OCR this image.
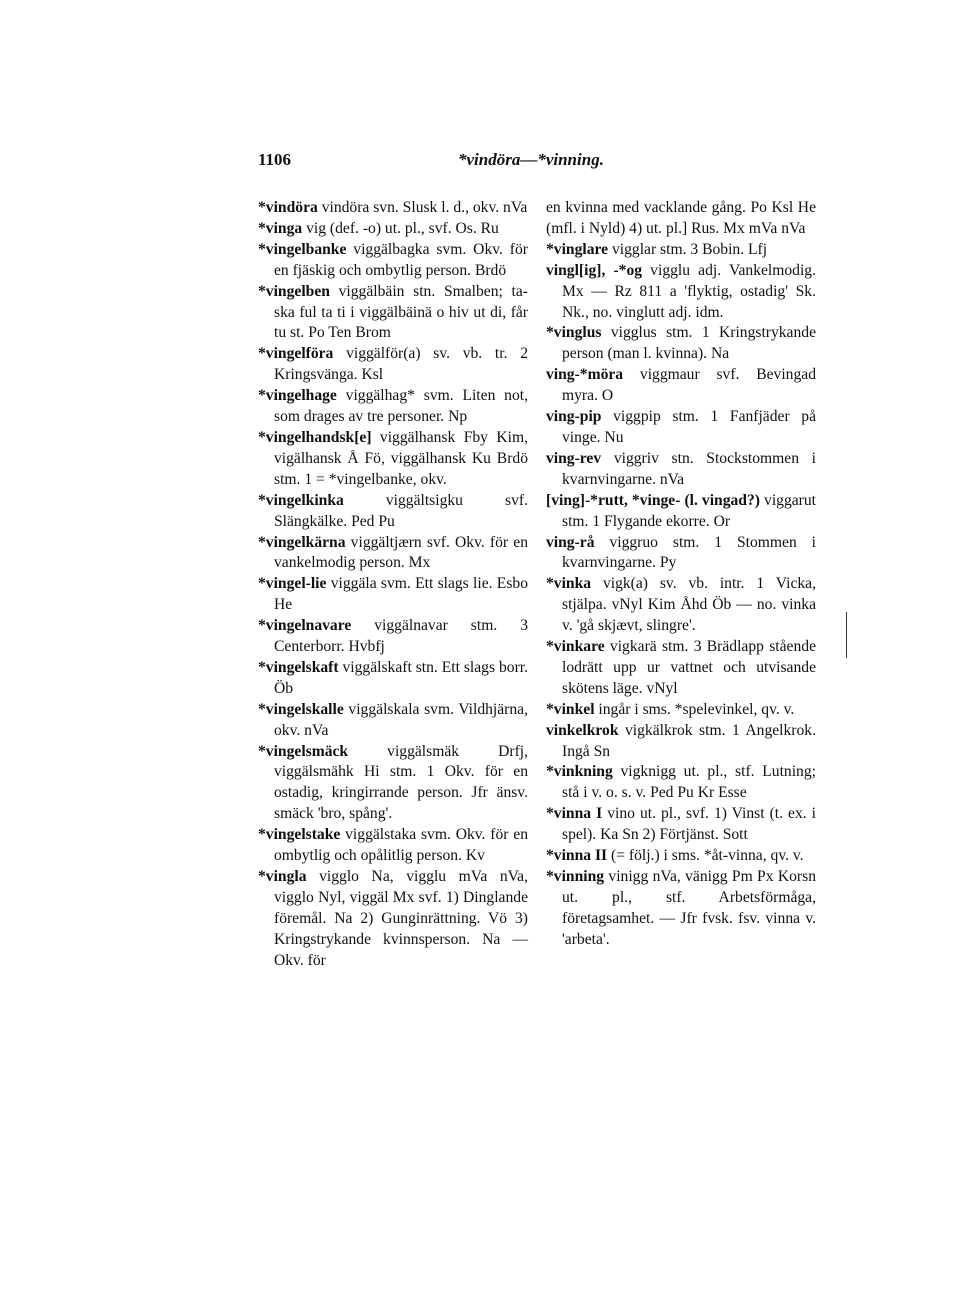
1106	*vindöra—*vinning.

*vindöra vindöra svn. Slusk l. d., okv. nVa

*vinga vig (def. -o) ut. pl., svf. Os. Ru

*vingelbanke viggälbagka svm. Okv. för en fjäskig och ombytlig person. Brdö

*vingelben viggälbäin stn. Smalben; ta-ska ful ta ti i viggälbäinä o hiv ut di, får tu st. Po Ten Brom

*vingelföra viggälför(a) sv. vb. tr. 2 Kringsvänga. Ksl

*vingelhage viggälhag* svm. Liten not, som drages av tre personer. Np

*vingelhandsk[e] viggälhansk Fby Kim, vigälhansk Å Fö, viggälhansk Ku Brdö stm. 1 = *vingelbanke, okv.

*vingelkinka viggältsigku svf. Slängkälke. Ped Pu

*vingelkärna viggältjærn svf. Okv. för en vankelmodig person. Mx

*vingel-lie viggäla svm. Ett slags lie. Esbo He

*vingelnavare viggälnavar stm. 3 Centerborr. Hvbfj

*vingelskaft viggälskaft stn. Ett slags borr. Öb

*vingelskalle viggälskala svm. Vildhjärna, okv. nVa

*vingelsmäck viggälsmäk Drfj, viggälsmähk Hi stm. 1 Okv. för en ostadig, kringirrande person. Jfr änsv. smäck 'bro, spång'.

*vingelstake viggälstaka svm. Okv. för en ombytlig och opålitlig person. Kv

*vingla vigglo Na, vigglu mVa nVa, vigglo Nyl, viggäl Mx svf. 1) Dinglande föremål. Na 2) Gunginrättning. Vö 3) Kringstrykande kvinnsperson. Na — Okv. för

en kvinna med vacklande gång. Po Ksl He (mfl. i Nyld) 4) ut. pl.] Rus. Mx mVa nVa

*vinglare vigglar stm. 3 Bobin. Lfj

vingl[ig], -*og vigglu adj. Vankelmodig. Mx — Rz 811 a 'flyktig, ostadig' Sk. Nk., no. vinglutt adj. idm.

*vinglus vigglus stm. 1 Kringstrykande person (man l. kvinna). Na

ving-*möra viggmaur svf. Bevingad myra. O

ving-pip viggpip stm. 1 Fanfjäder på vinge. Nu

ving-rev viggriv stn. Stockstommen i kvarnvingarne. nVa

[ving]-*rutt, *vinge- (l. vingad?) viggarut stm. 1 Flygande ekorre. Or

ving-rå viggruo stm. 1 Stommen i kvarnvingarne. Py

*vinka vigk(a) sv. vb. intr. 1 Vicka, stjälpa. vNyl Kim Åhd Öb — no. vinka v. 'gå skjævt, slingre'.

*vinkare vigkarä stm. 3 Brädlapp stående lodrätt upp ur vattnet och utvisande skötens läge. vNyl

*vinkel ingår i sms. *spelevinkel, qv. v.

vinkelkrok vigkälkrok stm. 1 Angelkrok. Ingå Sn

*vinkning vigknigg ut. pl., stf. Lutning; stå i v. o. s. v. Ped Pu Kr Esse

*vinna I vino ut. pl., svf. 1) Vinst (t. ex. i spel). Ka Sn 2) Förtjänst. Sott

*vinna II (= följ.) i sms. *åt-vinna, qv. v.

*vinning vinigg nVa, vänigg Pm Px Korsn ut. pl., stf. Arbetsförmåga, företagsamhet. — Jfr fvsk. fsv. vinna v. 'arbeta'.
